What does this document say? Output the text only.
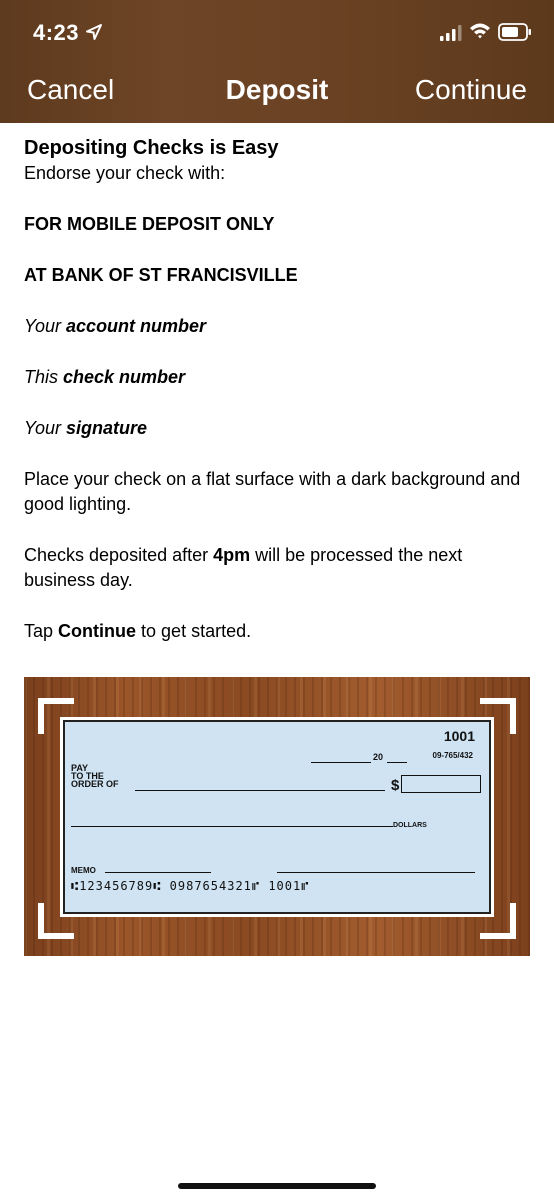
4:23
Cancel	Deposit	Continue
Depositing Checks is Easy
Endorse your check with:
FOR MOBILE DEPOSIT ONLY
AT BANK OF ST FRANCISVILLE
Your account number
This check number
Your signature
Place your check on a flat surface with a dark background and good lighting.
Checks deposited after 4pm will be processed the next business day.
Tap Continue to get started.
1001
20	09-765/432
PAY
TO THE
ORDER OF	$
DOLLARS
MEMO
⑆123456789⑆ 0987654321⑈ 1001⑈
